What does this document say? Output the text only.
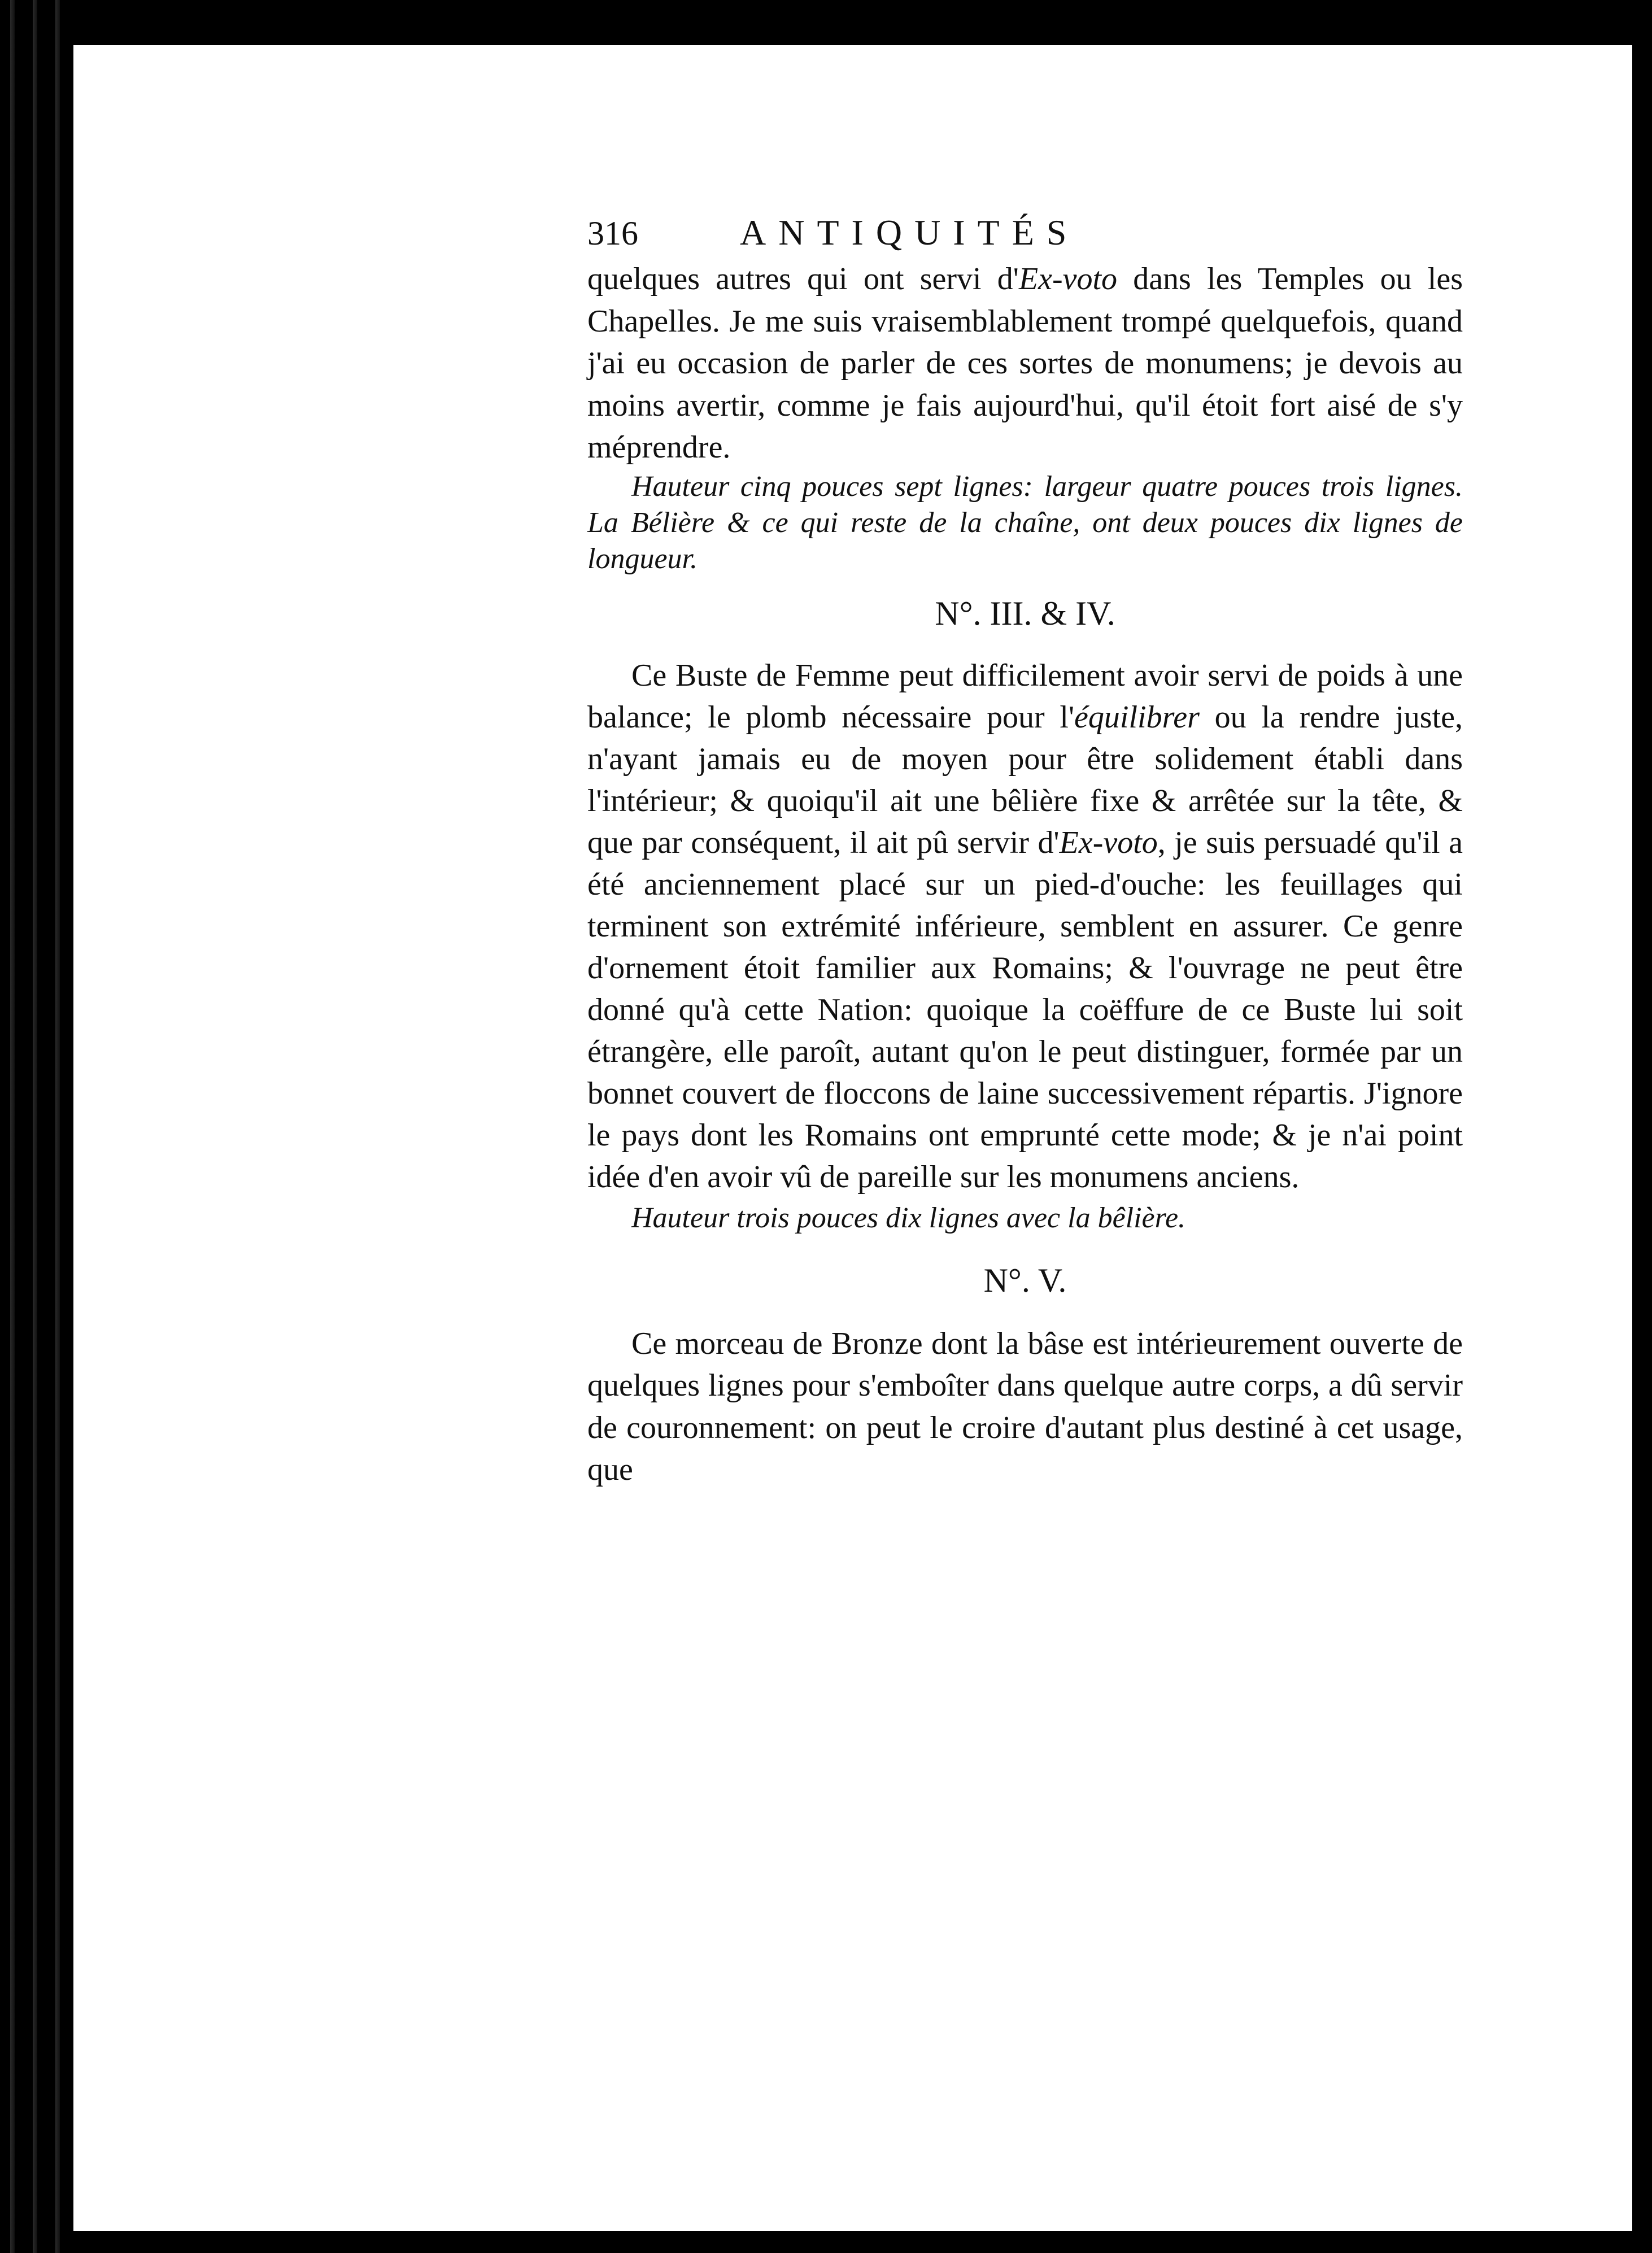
316	ANTIQUITÉS

quelques autres qui ont servi d'Ex-voto dans les Temples ou les Chapelles. Je me suis vraisemblablement trompé quelquefois, quand j'ai eu occasion de parler de ces sortes de monumens; je devois au moins avertir, comme je fais aujourd'hui, qu'il étoit fort aisé de s'y méprendre.

Hauteur cinq pouces sept lignes: largeur quatre pouces trois lignes. La Bélière & ce qui reste de la chaîne, ont deux pouces dix lignes de longueur.

N°. III. & IV.

Ce Buste de Femme peut difficilement avoir servi de poids à une balance; le plomb nécessaire pour l'équilibrer ou la rendre juste, n'ayant jamais eu de moyen pour être solidement établi dans l'intérieur; & quoiqu'il ait une bêlière fixe & arrêtée sur la tête, & que par conséquent, il ait pû servir d'Ex-voto, je suis persuadé qu'il a été anciennement placé sur un pied-d'ouche: les feuillages qui terminent son extrémité inférieure, semblent en assurer. Ce genre d'ornement étoit familier aux Romains; & l'ouvrage ne peut être donné qu'à cette Nation: quoique la coëffure de ce Buste lui soit étrangère, elle paroît, autant qu'on le peut distinguer, formée par un bonnet couvert de floccons de laine successivement répartis. J'ignore le pays dont les Romains ont emprunté cette mode; & je n'ai point idée d'en avoir vû de pareille sur les monumens anciens.

Hauteur trois pouces dix lignes avec la bêlière.

N°. V.

Ce morceau de Bronze dont la bâse est intérieurement ouverte de quelques lignes pour s'emboîter dans quelque autre corps, a dû servir de couronnement: on peut le croire d'autant plus destiné à cet usage, que
